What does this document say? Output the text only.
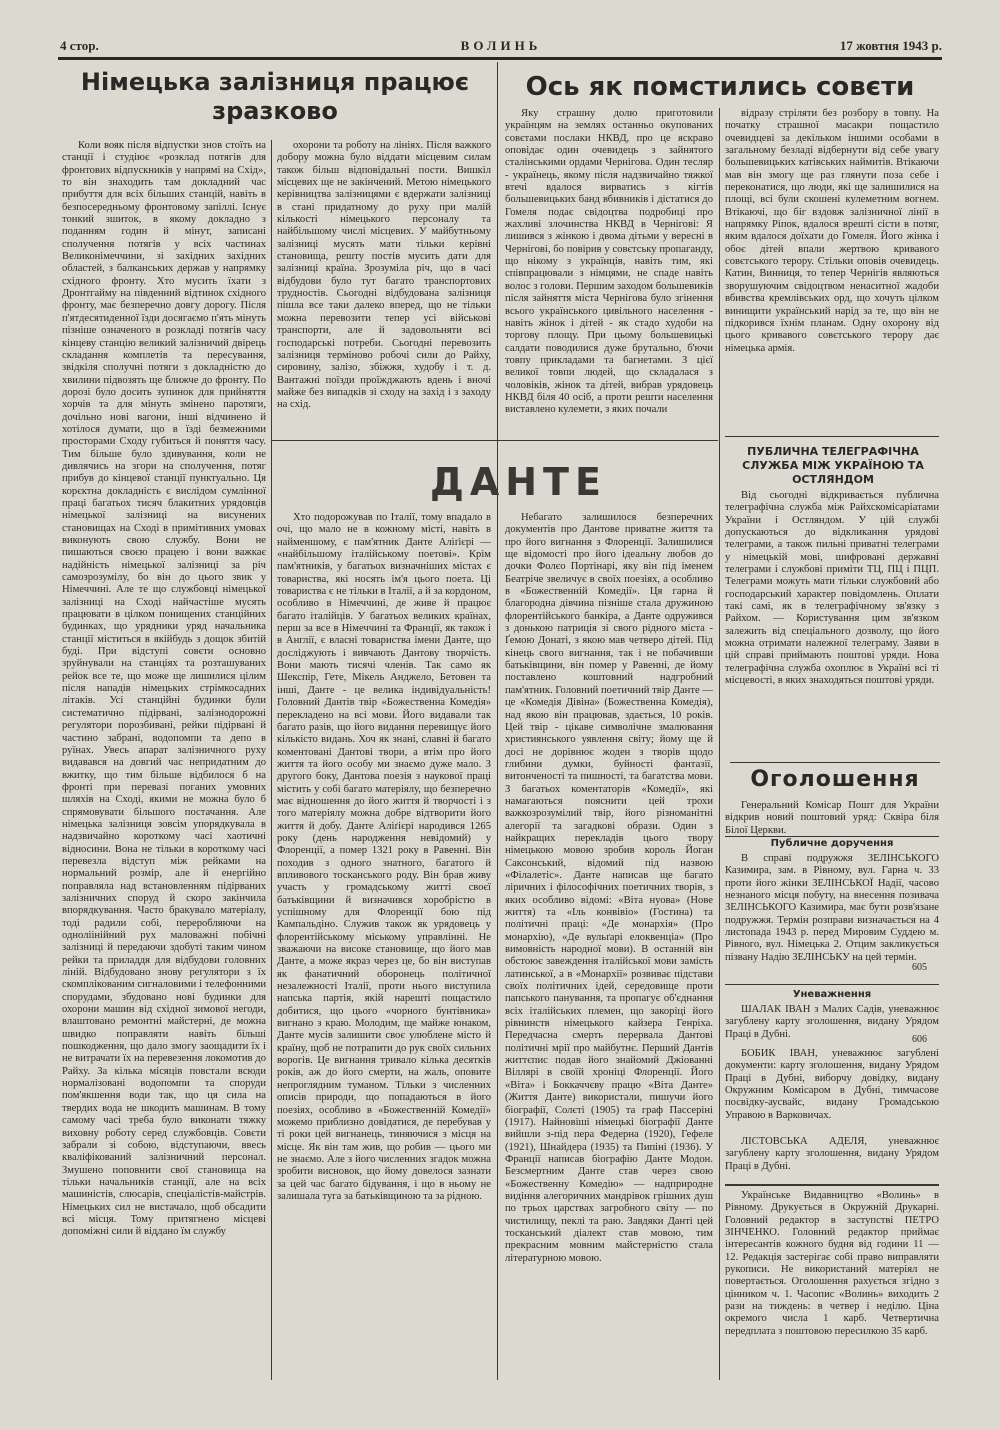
4 стор.	ВОЛИНЬ	17 жовтня 1943 р.
Німецька залізниця працює зразково

Коли вояк після відпустки знов стоїть на станції і студіює «розклад потягів для фронтових відпускників у напрямі на Схід», то він знаходить там докладний час прибуття для всіх більших станцій, навіть в безпосередньому фронтовому запіллі. Існує тонкий зшиток, в якому докладно з поданням годин й мінут, записані сполучення потягів у всіх частинах Великонімеччини, зі західних західних областей, з балканських держав у напрямку східного фронту. Хто мусить їхати з Дронтгайму на південний відтинок східного фронту, має безперечно довгу дорогу. Після п'ятдесятиденної їзди досягаємо п'ять мінуть пізніше означеного в розкладі потягів часу кінцеву станцію великий залізничий двірець складання комплетів та пересування, звідкіля сполучні потяги з докладністю до хвилини підвозять ще ближче до фронту. По дорозі було досить зупинок для прийняття хорчів та для мінуть змінено паротяги, дочільно нові вагони, інші відчинено й хотілося думати, що в їзді безмежними просторами Сходу губиться й поняття часу. Тим більше було здивування, коли не дивлячись на згори на сполучення, потяг прибув до кінцевої станції пунктуально. Ця корєктна докладність є вислідом сумлінної праці багатьох тисяч блакитних урядовців німецької залізниці на висунених становищах на Сході в примітивних умовах виконують свою службу. Вони не пишаються своєю працею і вони важкає надійність німецької залізниці за річ самозрозумілу, бо він до цього звик у Німеччині. Але те що службовці німецької залізниці на Сході найчастіше мусять працювати в цілком понищених станційних будинках, що урядники уряд начальника станції міститься в якійбудь з дощок збитій буді. При відступі совєти основно зруйнували на станціях та розташуваних рейок все те, що може ще лишилися цілим після нападів німецьких стрімкосадних літаків. Усі станційні будинки були систематично підірвані, залізнодорожні регулятори порозбивані, рейки підірвані й частино забрані, водопомпи та депо в руїнах. Увесь апарат залізничного руху видавався на довгий час непридатним до вжитку, що тим більше відбилося б на фронті при перевазі поганих умовних шляхів на Сході, якими не можна було б спрямовувати більшого постачання. Але німецька залізниця зовсім упорядкувала в надзвичайно короткому часі хаотичні відносини. Вона не тільки в короткому часі перевезла відступ між рейками на нормальний розмір, але й енергійно поправляла над встановленням підірваних залізничних споруд й скоро закінчила впорядкування. Часто бракувало матеріалу, тоді радили собі, переробляючи на одноліінійний рух маловажні побічні залізниці й передаючи здобуті таким чином рейки та приладдя для відбудови головних ліній. Відбудовано знову регулятори з їх скомплікованим сигналовими і телефонними спорудами, збудовано нові будинки для охорони машин від східної зимової негоди, влаштовано ремонтні майстерні, де можна швидко поправляти навіть більші пошкодження, що дало змогу заощадити їх і не витрачати їх на перевезення локомотив до Райху. За кілька місяців повстали всюди нормалізовані водопомпи та споруди пом'якшення води так, що ця сила на твердих вода не шкодить машинам. В тому самому часі треба було виконати тяжку виховну роботу серед службовців. Совєти забрали зі собою, відступаючи, ввесь кваліфікований залізничний персонал. Змушено поповнити свої становища на тільки начальників станції, але на всіх машиністів, слюсарів, спеціалістів-майстрів. Німецьких сил не вистачало, щоб обсадити всі місця. Тому притягнено місцеві допоміжні сили й віддано їм службу

охорони та роботу на лініях. Після важкого добору можна було віддати місцевим силам також більш відповідальні пости. Вишкіл місцевих ще не закінчений. Метою німецького керівництва залізницями є вдержати залізниці в стані придатному до руху при малій кількості німецького персоналу та найбільшому числі місцевих. У майбутньому залізниці мусять мати тільки керівні становища, решту постів мусить дати для залізниці країна. Зрозуміла річ, що в часі відбудови було тут багато транспортових трудностів. Сьогодні відбудована залізниця пішла все таки далеко вперед, що не тільки можна перевозити тепер усі військові транспорти, але й задовольняти всі господарські потреби. Сьогодні перевозить залізниця терміново робочі сили до Райху, сировину, залізо, збіжжя, худобу і т. д. Вантажні поїзди проїжджають вдень і вночі майже без випадків зі сходу на захід і з заходу на схід.

Ось як помстились совєти

Яку страшну долю приготовили українцям на землях останньо окупованих совєтами послаки НКВД, про це яскраво оповідає один очевидець з зайнятого сталінськими ордами Чернігова. Один тесляр - українець, якому після надзвичайно тяжкої втечі вдалося вирватись з кігтів большевицьких банд вбивників і дістатися до Гомеля подає свідоцтва подробиці про жахливі злочинства НКВД в Чернігові: Я лишився з жінкою і двома дітьми у вересні в Чернігові, бо повірив у совєтську пропаганду, що нікому з українців, навіть тим, які співпрацювали з німцями, не спаде навіть волос з голови. Першим заходом большевиків після зайняття міста Чернігова було згінення всього українського цивільного населення - навіть жінок і дітей - як стадо худоби на торгову площу. При цьому большевицькі салдати поводилися дуже брутально, б'ючи товпу прикладами та багнетами. З цієї великої товпи людей, що складалася з чоловіків, жінок та дітей, вибрав урядовець НКВД біля 40 осіб, а проти решти населення виставлено кулемети, з яких почали

відразу стріляти без розбору в товпу. На початку страшної масакри пощастило очевидцеві за декільком іншими особами в загальному безладі відбернути від себе увагу большевицьких катівських наймитів. Втікаючи мав він змогу ще раз глянути поза себе і переконатися, що люди, які ще залишилися на площі, всі були скошені кулеметним вогнем. Втікаючі, що біг вздовж залізничної лінії в напрямку Ріпок, вдалося врешті сісти в потяг, яким вдалося доїхати до Гомеля. Його жінка і обоє дітей впали жертвою кривавого совєтського терору. Стільки оповів очевидець. Катин, Винниця, то тепер Чернігів являються зворушуючим свідоцтвом ненаситної жадоби вбивства кремлівських орд, що хочуть цілком винищити український нарід за те, що він не підкорився їхнім планам. Одну охорону від цього кривавого совєтського терору дає німецька армія.

ДАНТЕ

Хто подорожував по Італії, тому впадало в очі, що мало не в кожному місті, навіть в найменшому, є пам'ятник Данте Аліґієрі — «найбільшому італійському поетові». Крім пам'ятників, у багатьох визначніших містах є товариства, які носять ім'я цього поета. Ці товариства є не тільки в Італії, а й за кордоном, особливо в Німеччині, де живе й працює багато італійців. У багатьох великих країнах, перш за все в Німеччині та Франції, як також і в Англії, є власні товариства імени Данте, що досліджують і вивчають Дантову творчість. Вони мають тисячі членів. Так само як Шекспір, Гете, Мікель Анджело, Бетовен та інші, Данте - це велика індивідуальність! Головний Дантів твір «Божественна Комедія» перекладено на всі мови. Його видавали так багато разів, що його видання перевищує його кількісто видань. Хоч як знані, славні й багато коментовані Дантові твори, а втім про його життя та його особу ми знаємо дуже мало. З другого боку, Дантова поезія з наукової праці містить у собі багато матеріялу, що безперечно має відношення до його життя й творчості і з того матеріялу можна добре відтворити його життя й добу. Данте Аліґієрі народився 1265 року (день народження невідомий) у Флоренції, а помер 1321 року в Равенні. Він походив з одного знатного, багатого й впливового тосканського роду. Він брав живу участь у громадському житті своєї батьківщини й визначився хоробрістю в успішному для Флоренції бою під Кампальдіно. Служив також як урядовець у флорентійському міському управлінні. Не зважаючи на високе становище, що його мав Данте, а може якраз через це, бо він виступав як фанатичний оборонець політичної незалежності Італії, проти нього виступила напська партія, якій нарешті пощастило добитися, що цього «чорного бунтівника» вигнано з краю. Молодим, ще майже юнаком, Данте мусів залишити своє улюблене місто й країну, щоб не потрапити до рук своїх сильних ворогів. Це вигнання тривало кілька десятків років, аж до його смерти, на жаль, оповите непроглядним туманом. Тільки з численних описів природи, що попадаються в його поезіях, особливо в «Божественній Комедії» можемо приблизно довідатися, де перебував у ті роки цей вигнанець, тиняючися з місця на місце. Як він там жив, що робив — цього ми не знаємо. Але з його численних згадок можна зробити висновок, що йому довелося зазнати за цей час багато бідування, і що в ньому не залишала туга за батьківщиною та за рідною.

Небагато залишилося безперечних документів про Дантове приватне життя та про його вигнання з Флоренції. Залишилися ще відомості про його ідеальну любов до дочки Фолєо Портінарі, яку він під іменем Беатріче звеличує в своїх поезіях, а особливо в «Божественній Комедії». Ця гарна й благородна дівчина пізніше стала дружиною флорентійського банкіра, а Данте одружився з донькою патриція зі свого рідного міста - Ґемою Донаті, з якою мав четверо дітей. Під кінець свого вигнання, так і не побачивши батьківщини, він помер у Равенні, де йому поставлено коштовний надгробний пам'ятник. Головний поетичний твір Данте — це «Комедія Дівіна» (Божественна Комедія), над якою він працював, здається, 10 років. Цей твір - цікаве символічне змалювання християнського уявлення світу; йому ще й досі не дорівнює жоден з творів щодо глибини думки, буйності фантазії, витонченості та пишності, та багатства мови. З багатьох коментаторів «Комедії», які намагаються пояснити цей трохи важкозрозумілий твір, його різноманітні алегорії та загадкові образи. Один з найкращих перекладів цього твору німецькою мовою зробив король Йоган Саксонський, відомий під назвою «Філалетіс». Данте написав ще багато ліричних і філософічних поетичних творів, з яких особливо відомі: «Віта нуова» (Нове життя) та «Іль конвівіо» (Гостина) та політичні праці: «Де монархія» (Про монархію), «Де вульґарі елоквенціа» (Про вимовність народної мови). В останній він обстоює завеждення італійської мови замість латинської, а в «Монархії» розвиває підстави своїх політичних ідей, середовище проти папського панування, та пропагує об'єднання всіх італійських племен, що закоріці його рівнинств німецького кайзера Генріха. Передчасна смерть перервала Дантові політичні мрії про майбутнє. Перший Дантів життєпис подав його знайомий Джіованні Віллярі в своїй хроніці Флоренції. Його «Віта» і Боккаччєву працю «Віта Данте» (Життя Данте) використали, пишучи його біографії, Солєті (1905) та граф Пассеріні (1917). Найновіші німецькі біографії Данте вийшли з-під пера Федерна (1920), Гефеле (1921), Шнайдера (1935) та Пипіні (1936). У Франції написав біографію Данте Модон. Безсмертним Данте став через свою «Божественну Комедію» — надприродне видіння алегоричних мандрівок грішних душ по трьох царствах загробного світу — по чистилищу, пеклі та раю. Завдяки Данті цей тосканський діалект став мовою, тим прекрасним мовним майстерністю стала літературною мовою.

ПУБЛИЧНА ТЕЛЕГРАФІЧНА СЛУЖБА МІЖ УКРАЇНОЮ ТА ОСТЛЯНДОМ

Від сьогодні відкривається публична телеграфічна служба між Райхскомісаріатами України і Остляндом. У цій службі допускаються до відкликання урядові телеграми, а також пильні приватні телеграми у німецькій мові, шифровані державні телеграми і службові приміти ТЦ, ПЦ і ПЦП. Телеграми можуть мати тільки службовий або господарський характер повідомлень. Оплати такі самі, як в телеграфічному зв'язку з Райхом. — Користування цим зв'язком залежить від спеціального дозволу, що його можна отримати належної телеграму. Заяви в цій справі приймають поштові уряди. Нова телеграфічна служба охоплює в Україні всі ті місцевості, в яких знаходяться поштові уряди.

Оголошення

Генеральний Комісар Пошт для України відкрив новий поштовий уряд: Сквіра біля Білої Церкви.

Публичне доручення

В справі подружжя ЗЕЛІНСЬКОГО Казимира, зам. в Рівному, вул. Гарна ч. 33 проти його жінки ЗЕЛІНСЬКОЇ Надії, часово незнаного місця побуту, на внесення позивача ЗЕЛІНСЬКОГО Казимира, має бути розв'язане подружжя. Термін розправи визначається на 4 листопада 1943 р. перед Мировим Суддею м. Рівного, вул. Німецька 2. Отцим закликується пізвану Надію ЗЕЛІНСЬКУ на цей термін.

605
Уневажнення

ШАЛАК ІВАН з Малих Садів, уневажнює загублену карту зголошення, видану Урядом Праці в Дубні.	606

БОБИК ІВАН, уневажнює загублені документи: карту зголошення, видану Урядом Праці в Дубні, виборчу довідку, видану Окружним Комісаром в Дубні, тимчасове посвідку-аусвайс, видану Громадською Управою в Варковичах.

ЛІСТОВСЬКА АДЕЛЯ, уневажнює загублену карту зголошення, видану Урядом Праці в Дубні.

Українське Видавництво «Волинь» в Рівному. Друкується в Окружній Друкарні. Головний редактор в заступстві ПЕТРО ЗІНЧЕНКО. Головний редактор приймає інтересантів кожного будня від години 11 — 12. Редакція застерігає собі право виправляти рукописи. Не використаний матеріял не повертається. Оголошення рахується згідно з цінником ч. 1. Часопис «Волинь» виходить 2 рази на тиждень: в четвер і неділю. Ціна окремого числа 1 карб. Четвертична передплата з поштовою пересилкою 35 карб.
